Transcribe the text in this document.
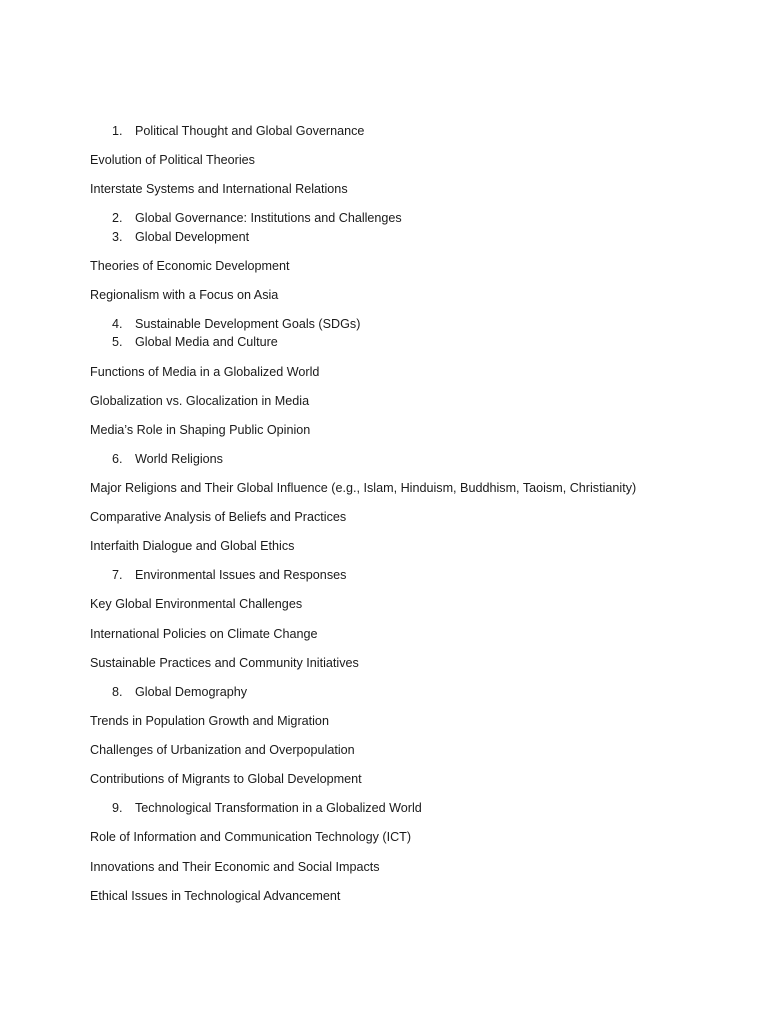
1. Political Thought and Global Governance
Evolution of Political Theories
Interstate Systems and International Relations
2. Global Governance: Institutions and Challenges
3. Global Development
Theories of Economic Development
Regionalism with a Focus on Asia
4. Sustainable Development Goals (SDGs)
5. Global Media and Culture
Functions of Media in a Globalized World
Globalization vs. Glocalization in Media
Media’s Role in Shaping Public Opinion
6. World Religions
Major Religions and Their Global Influence (e.g., Islam, Hinduism, Buddhism, Taoism, Christianity)
Comparative Analysis of Beliefs and Practices
Interfaith Dialogue and Global Ethics
7. Environmental Issues and Responses
Key Global Environmental Challenges
International Policies on Climate Change
Sustainable Practices and Community Initiatives
8. Global Demography
Trends in Population Growth and Migration
Challenges of Urbanization and Overpopulation
Contributions of Migrants to Global Development
9. Technological Transformation in a Globalized World
Role of Information and Communication Technology (ICT)
Innovations and Their Economic and Social Impacts
Ethical Issues in Technological Advancement
